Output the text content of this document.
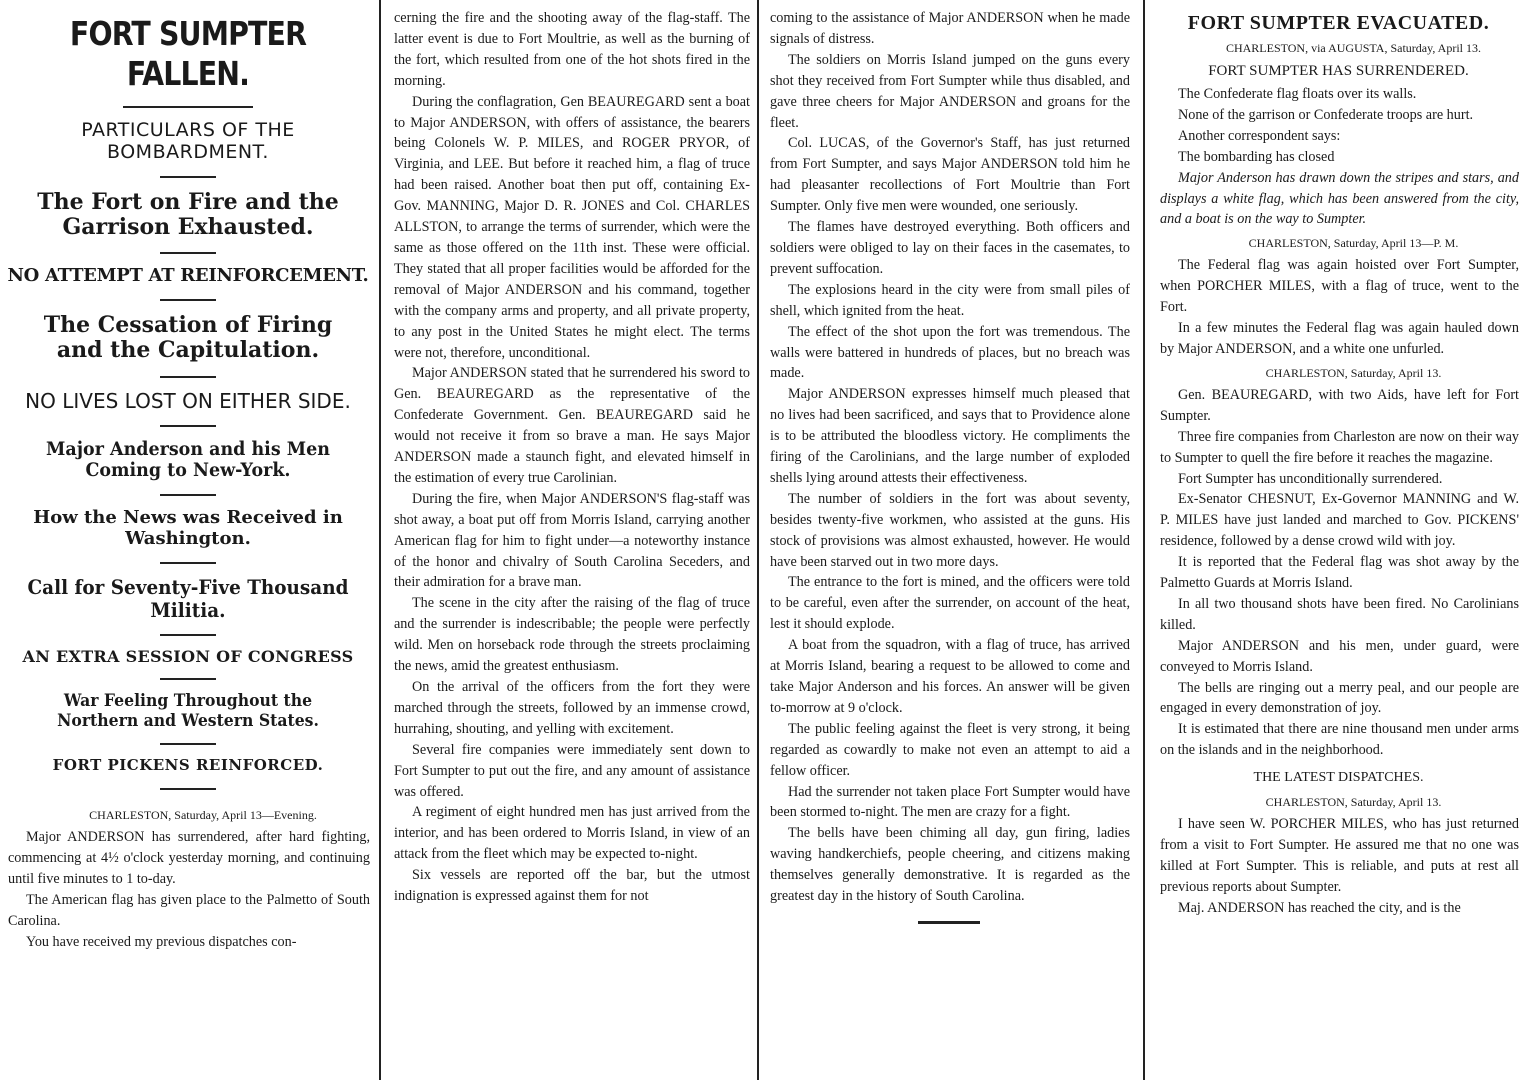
FORT SUMPTER FALLEN.
PARTICULARS OF THE BOMBARDMENT.
The Fort on Fire and the Garrison Exhausted.
NO ATTEMPT AT REINFORCEMENT.
The Cessation of Firing and the Capitulation.
NO LIVES LOST ON EITHER SIDE.
Major Anderson and his Men Coming to New-York.
How the News was Received in Washington.
Call for Seventy-Five Thousand Militia.
AN EXTRA SESSION OF CONGRESS
War Feeling Throughout the Northern and Western States.
FORT PICKENS REINFORCED.
CHARLESTON, Saturday, April 13—Evening.
Major ANDERSON has surrendered, after hard fighting, commencing at 4½ o'clock yesterday morning, and continuing until five minutes to 1 to-day.
The American flag has given place to the Palmetto of South Carolina.
You have received my previous dispatches con-
cerning the fire and the shooting away of the flag-staff. The latter event is due to Fort Moultrie, as well as the burning of the fort, which resulted from one of the hot shots fired in the morning.
During the conflagration, Gen BEAUREGARD sent a boat to Major ANDERSON, with offers of assistance, the bearers being Colonels W. P. MILES, and ROGER PRYOR, of Virginia, and LEE. But before it reached him, a flag of truce had been raised. Another boat then put off, containing Ex-Gov. MANNING, Major D. R. JONES and Col. CHARLES ALLSTON, to arrange the terms of surrender, which were the same as those offered on the 11th inst. These were official. They stated that all proper facilities would be afforded for the removal of Major ANDERSON and his command, together with the company arms and property, and all private property, to any post in the United States he might elect. The terms were not, therefore, unconditional.
Major ANDERSON stated that he surrendered his sword to Gen. BEAUREGARD as the representative of the Confederate Government. Gen. BEAUREGARD said he would not receive it from so brave a man. He says Major ANDERSON made a staunch fight, and elevated himself in the estimation of every true Carolinian.
During the fire, when Major ANDERSON'S flag-staff was shot away, a boat put off from Morris Island, carrying another American flag for him to fight under—a noteworthy instance of the honor and chivalry of South Carolina Seceders, and their admiration for a brave man.
The scene in the city after the raising of the flag of truce and the surrender is indescribable; the people were perfectly wild. Men on horseback rode through the streets proclaiming the news, amid the greatest enthusiasm.
On the arrival of the officers from the fort they were marched through the streets, followed by an immense crowd, hurrahing, shouting, and yelling with excitement.
Several fire companies were immediately sent down to Fort Sumpter to put out the fire, and any amount of assistance was offered.
A regiment of eight hundred men has just arrived from the interior, and has been ordered to Morris Island, in view of an attack from the fleet which may be expected to-night.
Six vessels are reported off the bar, but the utmost indignation is expressed against them for not
coming to the assistance of Major ANDERSON when he made signals of distress.
The soldiers on Morris Island jumped on the guns every shot they received from Fort Sumpter while thus disabled, and gave three cheers for Major ANDERSON and groans for the fleet.
Col. LUCAS, of the Governor's Staff, has just returned from Fort Sumpter, and says Major ANDERSON told him he had pleasanter recollections of Fort Moultrie than Fort Sumpter. Only five men were wounded, one seriously.
The flames have destroyed everything. Both officers and soldiers were obliged to lay on their faces in the casemates, to prevent suffocation.
The explosions heard in the city were from small piles of shell, which ignited from the heat.
The effect of the shot upon the fort was tremendous. The walls were battered in hundreds of places, but no breach was made.
Major ANDERSON expresses himself much pleased that no lives had been sacrificed, and says that to Providence alone is to be attributed the bloodless victory. He compliments the firing of the Carolinians, and the large number of exploded shells lying around attests their effectiveness.
The number of soldiers in the fort was about seventy, besides twenty-five workmen, who assisted at the guns. His stock of provisions was almost exhausted, however. He would have been starved out in two more days.
The entrance to the fort is mined, and the officers were told to be careful, even after the surrender, on account of the heat, lest it should explode.
A boat from the squadron, with a flag of truce, has arrived at Morris Island, bearing a request to be allowed to come and take Major Anderson and his forces. An answer will be given to-morrow at 9 o'clock.
The public feeling against the fleet is very strong, it being regarded as cowardly to make not even an attempt to aid a fellow officer.
Had the surrender not taken place Fort Sumpter would have been stormed to-night. The men are crazy for a fight.
The bells have been chiming all day, gun firing, ladies waving handkerchiefs, people cheering, and citizens making themselves generally demonstrative. It is regarded as the greatest day in the history of South Carolina.
FORT SUMPTER EVACUATED.
CHARLESTON, via AUGUSTA, Saturday, April 13.
FORT SUMPTER HAS SURRENDERED.
The Confederate flag floats over its walls.
None of the garrison or Confederate troops are hurt.
Another correspondent says:
The bombarding has closed
Major Anderson has drawn down the stripes and stars, and displays a white flag, which has been answered from the city, and a boat is on the way to Sumpter.
CHARLESTON, Saturday, April 13—P. M.
The Federal flag was again hoisted over Fort Sumpter, when PORCHER MILES, with a flag of truce, went to the Fort.
In a few minutes the Federal flag was again hauled down by Major ANDERSON, and a white one unfurled.
CHARLESTON, Saturday, April 13.
Gen. BEAUREGARD, with two Aids, have left for Fort Sumpter.
Three fire companies from Charleston are now on their way to Sumpter to quell the fire before it reaches the magazine.
Fort Sumpter has unconditionally surrendered.
Ex-Senator CHESNUT, Ex-Governor MANNING and W. P. MILES have just landed and marched to Gov. PICKENS' residence, followed by a dense crowd wild with joy.
It is reported that the Federal flag was shot away by the Palmetto Guards at Morris Island.
In all two thousand shots have been fired. No Carolinians killed.
Major ANDERSON and his men, under guard, were conveyed to Morris Island.
The bells are ringing out a merry peal, and our people are engaged in every demonstration of joy.
It is estimated that there are nine thousand men under arms on the islands and in the neighborhood.
THE LATEST DISPATCHES.
CHARLESTON, Saturday, April 13.
I have seen W. PORCHER MILES, who has just returned from a visit to Fort Sumpter. He assured me that no one was killed at Fort Sumpter. This is reliable, and puts at rest all previous reports about Sumpter.
Maj. ANDERSON has reached the city, and is the
